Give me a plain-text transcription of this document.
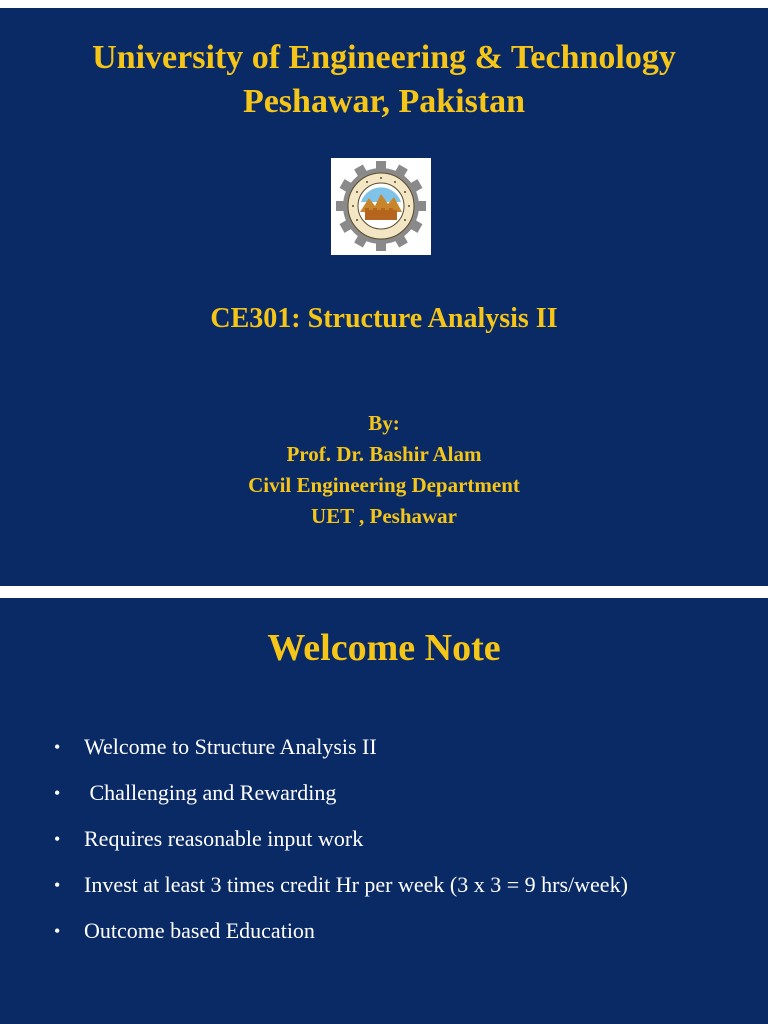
University of Engineering & Technology
Peshawar, Pakistan
CE301: Structure Analysis II
By:
Prof. Dr. Bashir Alam
Civil Engineering Department
UET , Peshawar
Welcome Note
• Welcome to Structure Analysis II
• Challenging and Rewarding
• Requires reasonable input work
• Invest at least 3 times credit Hr per week (3 x 3 = 9 hrs/week)
• Outcome based Education
